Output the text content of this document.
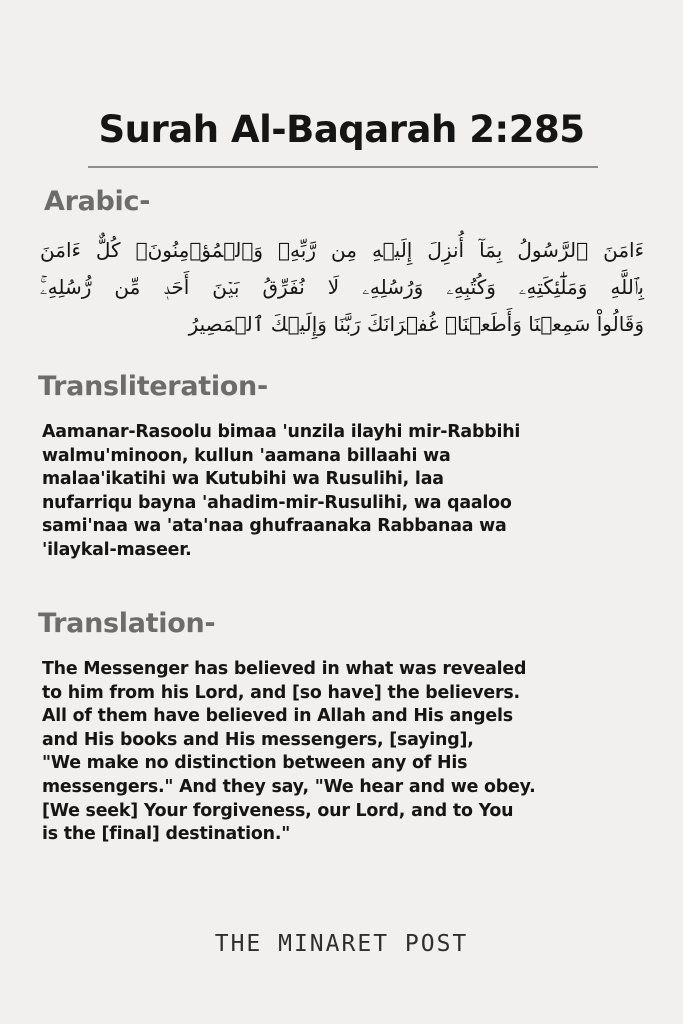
Surah Al-Baqarah 2:285
Arabic-
ءَامَنَ ٱلرَّسُولُ بِمَآ أُنزِلَ إِلَيۡهِ مِن رَّبِّهِۦ وَٱلۡمُؤۡمِنُونَۚ كُلٌّ ءَامَنَ
بِٱللَّهِ وَمَلَٰٓئِكَتِهِۦ وَكُتُبِهِۦ وَرُسُلِهِۦ لَا نُفَرِّقُ بَيۡنَ أَحَدٖ مِّن رُّسُلِهِۦۚ
وَقَالُواْ سَمِعۡنَا وَأَطَعۡنَاۖ غُفۡرَانَكَ رَبَّنَا وَإِلَيۡكَ ٱلۡمَصِيرُ
Transliteration-
Aamanar-Rasoolu bimaa 'unzila ilayhi mir-Rabbihi
walmu'minoon, kullun 'aamana billaahi wa
malaa'ikatihi wa Kutubihi wa Rusulihi, laa
nufarriqu bayna 'ahadim-mir-Rusulihi, wa qaaloo
sami'naa wa 'ata'naa ghufraanaka Rabbanaa wa
'ilaykal-maseer.
Translation-
The Messenger has believed in what was revealed
to him from his Lord, and [so have] the believers.
All of them have believed in Allah and His angels
and His books and His messengers, [saying],
"We make no distinction between any of His
messengers." And they say, "We hear and we obey.
[We seek] Your forgiveness, our Lord, and to You
is the [final] destination."
THE MINARET POST
